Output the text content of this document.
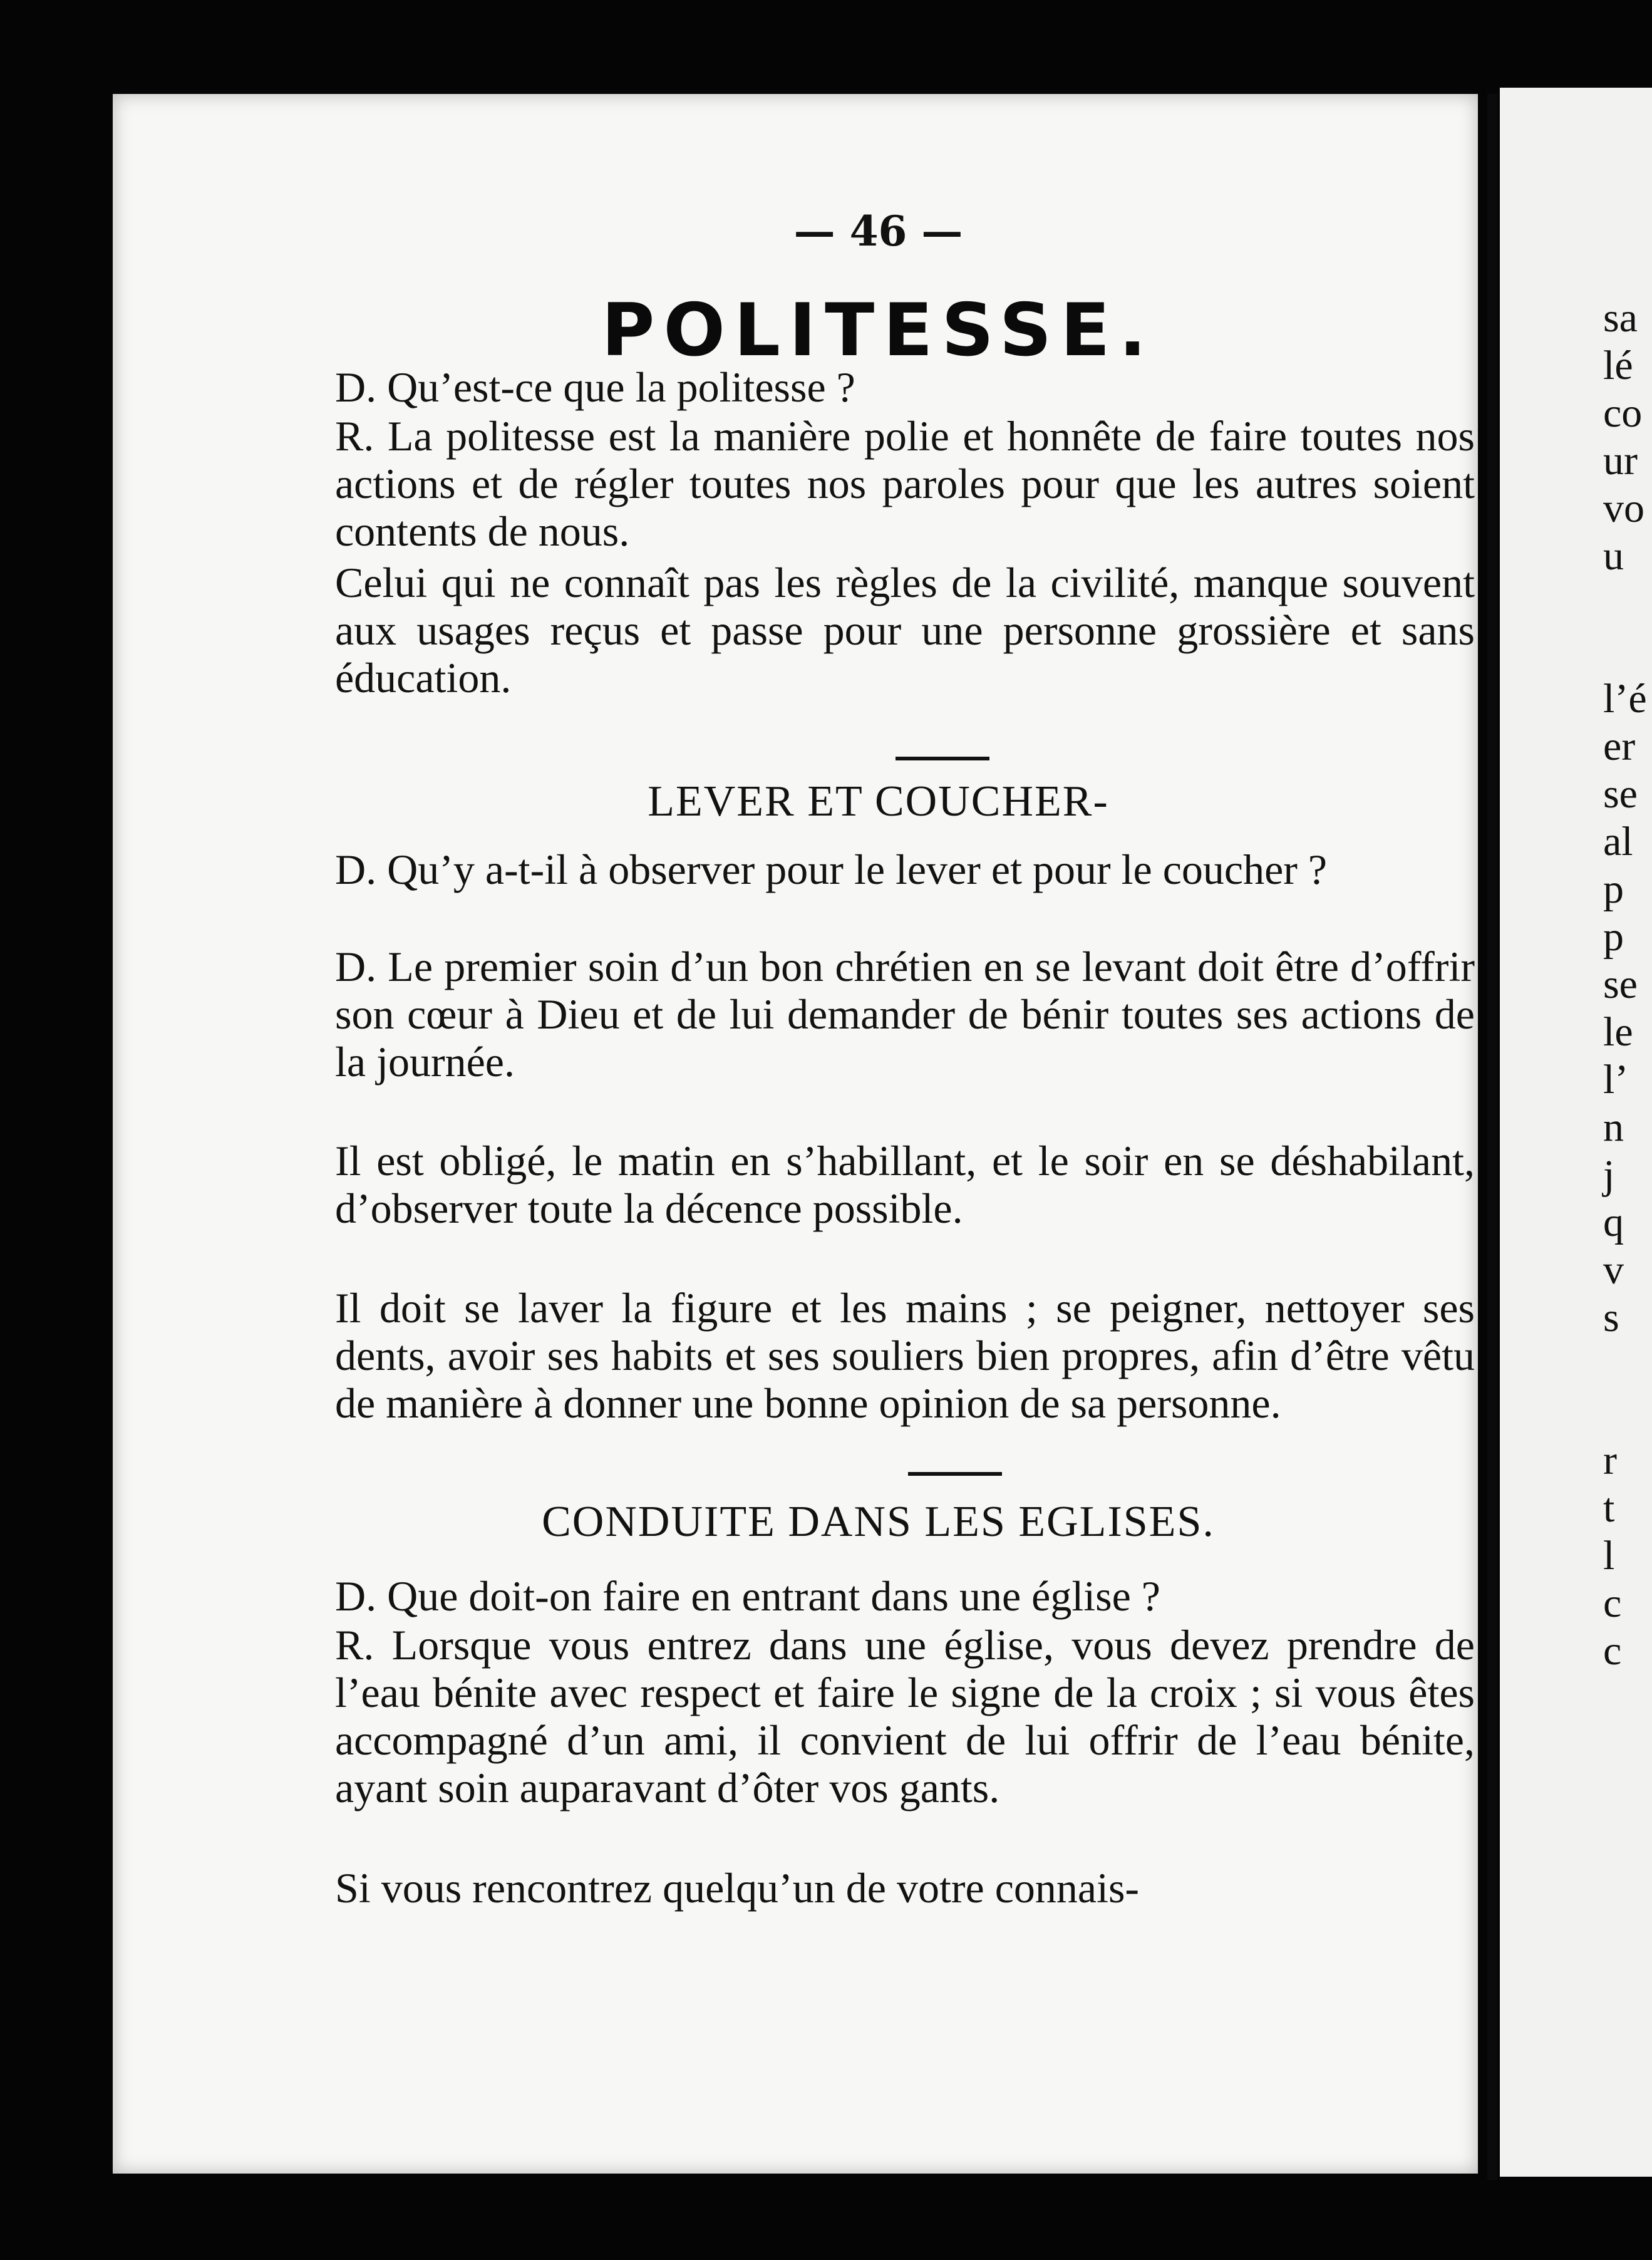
— 46 —
POLITESSE.
D. Qu’est-ce que la politesse ?
R. La politesse est la manière polie et honnête de faire toutes nos actions et de régler toutes nos paroles pour que les autres soient contents de nous.
Celui qui ne connaît pas les règles de la civilité, manque souvent aux usages reçus et passe pour une personne grossière et sans éducation.
LEVER ET COUCHER-
D. Qu’y a-t-il à observer pour le lever et pour le coucher ?
D. Le premier soin d’un bon chrétien en se levant doit être d’offrir son cœur à Dieu et de lui demander de bénir toutes ses actions de la journée.
Il est obligé, le matin en s’habillant, et le soir en se déshabilant, d’observer toute la décence possible.
Il doit se laver la figure et les mains ; se peigner, nettoyer ses dents, avoir ses habits et ses souliers bien propres, afin d’être vêtu de manière à donner une bonne opinion de sa personne.
CONDUITE DANS LES EGLISES.
D. Que doit-on faire en entrant dans une église ?
R. Lorsque vous entrez dans une église, vous devez prendre de l’eau bénite avec respect et faire le signe de la croix ; si vous êtes accompagné d’un ami, il convient de lui offrir de l’eau bénite, ayant soin auparavant d’ôter vos gants.
Si vous rencontrez quelqu’un de votre connais-
sa
lé
co
ur
vo
u
l’é
er
se
al
p
p
se
le
l’
n
j
q
v
s
r
t
l
c
c
